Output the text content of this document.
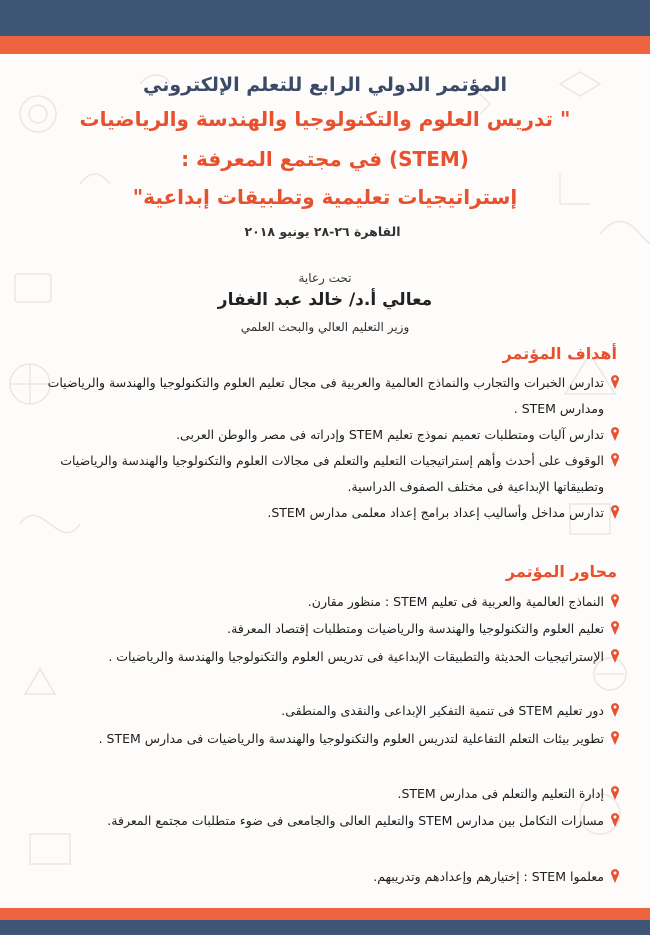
المؤتمر الدولي الرابع للتعلم الإلكتروني
" تدريس العلوم والتكنولوجيا والهندسة والرياضيات
(STEM) في مجتمع المعرفة :
إستراتيجيات تعليمية وتطبيقات إبداعية"
القاهرة ٢٦-٢٨ يونيو ٢٠١٨
تحت رعاية
معالي أ.د/ خالد عبد الغفار
وزير التعليم العالي والبحث العلمي
أهداف المؤتمر
تدارس الخبرات والتجارب والنماذج العالمية والعربية فى مجال تعليم العلوم والتكنولوجيا والهندسة والرياضيات ومدارس STEM .
تدارس آليات ومتطلبات تعميم نموذج تعليم STEM وإدراته فى مصر والوطن العربى.
الوقوف على أحدث وأهم إستراتيجيات التعليم والتعلم فى مجالات العلوم والتكنولوجيا والهندسة والرياضيات وتطبيقاتها الإبداعية فى مختلف الصفوف الدراسية.
تدارس مداخل وأساليب إعداد برامج إعداد معلمى مدارس STEM.
محاور المؤتمر
النماذج العالمية والعربية فى تعليم STEM : منظور مقارن.
تعليم العلوم والتكنولوجيا والهندسة والرياضيات ومتطلبات إقتصاد المعرفة.
الإستراتيجيات الحديثة والتطبيقات الإبداعية فى تدريس العلوم والتكنولوجيا والهندسة والرياضيات .
دور تعليم STEM فى تنمية التفكير الإبداعى والنقدى والمنطقى.
تطوير بيئات التعلم التفاعلية لتدريس العلوم والتكنولوجيا والهندسة والرياضيات فى مدارس STEM .
إدارة التعليم والتعلم فى مدارس STEM.
مسارات التكامل بين مدارس STEM والتعليم العالى والجامعى فى ضوء متطلبات مجتمع المعرفة.
معلموا STEM : إختيارهم وإعدادهم وتدريبهم.
